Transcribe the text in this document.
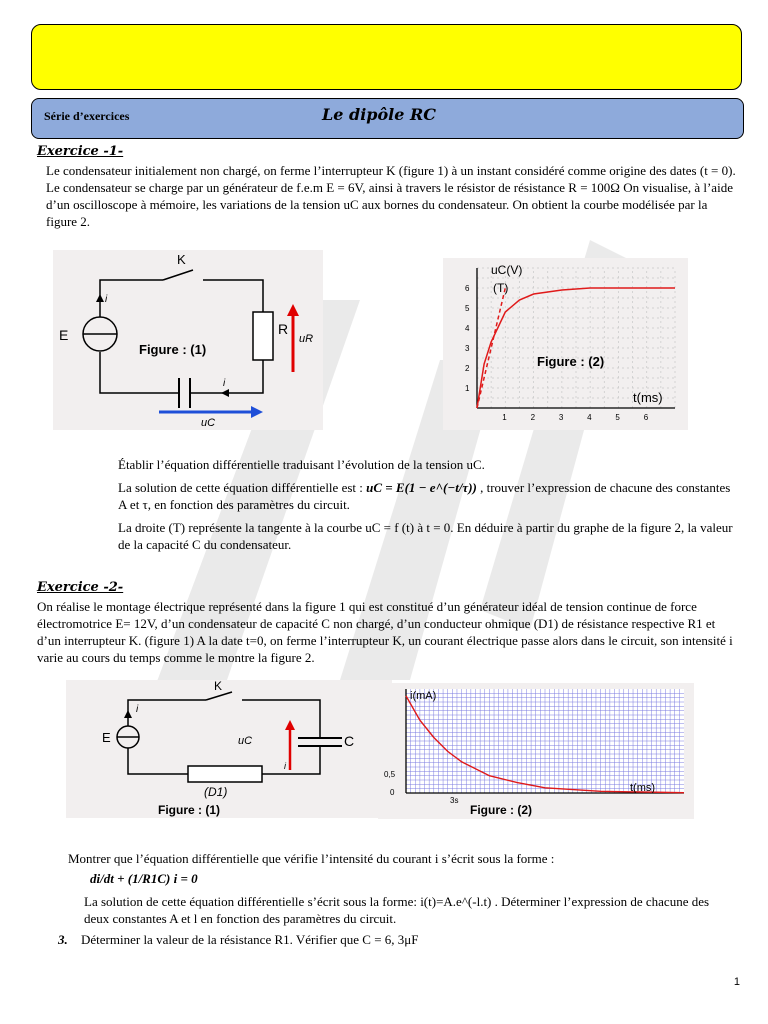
Série d’exercices	Le dipôle RC
Exercice -1-
Le condensateur initialement non chargé, on ferme l’interrupteur K (figure 1) à un instant considéré comme origine des dates (t = 0). Le condensateur se charge par un générateur de f.e.m E = 6V, ainsi à travers le résistor de résistance R = 100Ω On visualise, à l’aide d’un oscilloscope à mémoire, les variations de la tension uC aux bornes du condensateur. On obtient la courbe modélisée par la figure 2.
K
i
E	R
uR
i
uC
Figure : (1)
1
2
3
4
5
6
1	2	3	4	5	6
uC(V)
(T)
t(ms)
Figure : (2)
Établir l’équation différentielle traduisant l’évolution de la tension uC.
La solution de cette équation différentielle est : uC = E(1 − e^(−t/τ)) , trouver l’expression de chacune des constantes A et τ, en fonction des paramètres du circuit.
La droite (T) représente la tangente à la courbe uC = f (t) à t = 0. En déduire à partir du graphe de la figure 2, la valeur de la capacité C du condensateur.
Exercice -2-
On réalise le montage électrique représenté dans la figure 1 qui est constitué d’un générateur idéal de tension continue de force électromotrice E= 12V, d’un condensateur de capacité C non chargé, d’un conducteur ohmique (D1) de résistance respective R1 et d’un interrupteur K. (figure 1) A la date t=0, on ferme l’interrupteur K, un courant électrique passe alors dans le circuit, son intensité i varie au cours du temps comme le montre la figure 2.
K
E
i
i
uC	C
(D1)
Figure : (1)
i(mA)
t(ms)
0,5
0
3s
Figure : (2)
Montrer que l’équation différentielle que vérifie l’intensité du courant i s’écrit sous la forme :
di/dt + (1/R1C) i = 0
La solution de cette équation différentielle s’écrit sous la forme: i(t)=A.e^(-l.t) . Déterminer l’expression de chacune des deux constantes A et l en fonction des paramètres du circuit.
3. Déterminer la valeur de la résistance R1. Vérifier que C = 6, 3μF
1
